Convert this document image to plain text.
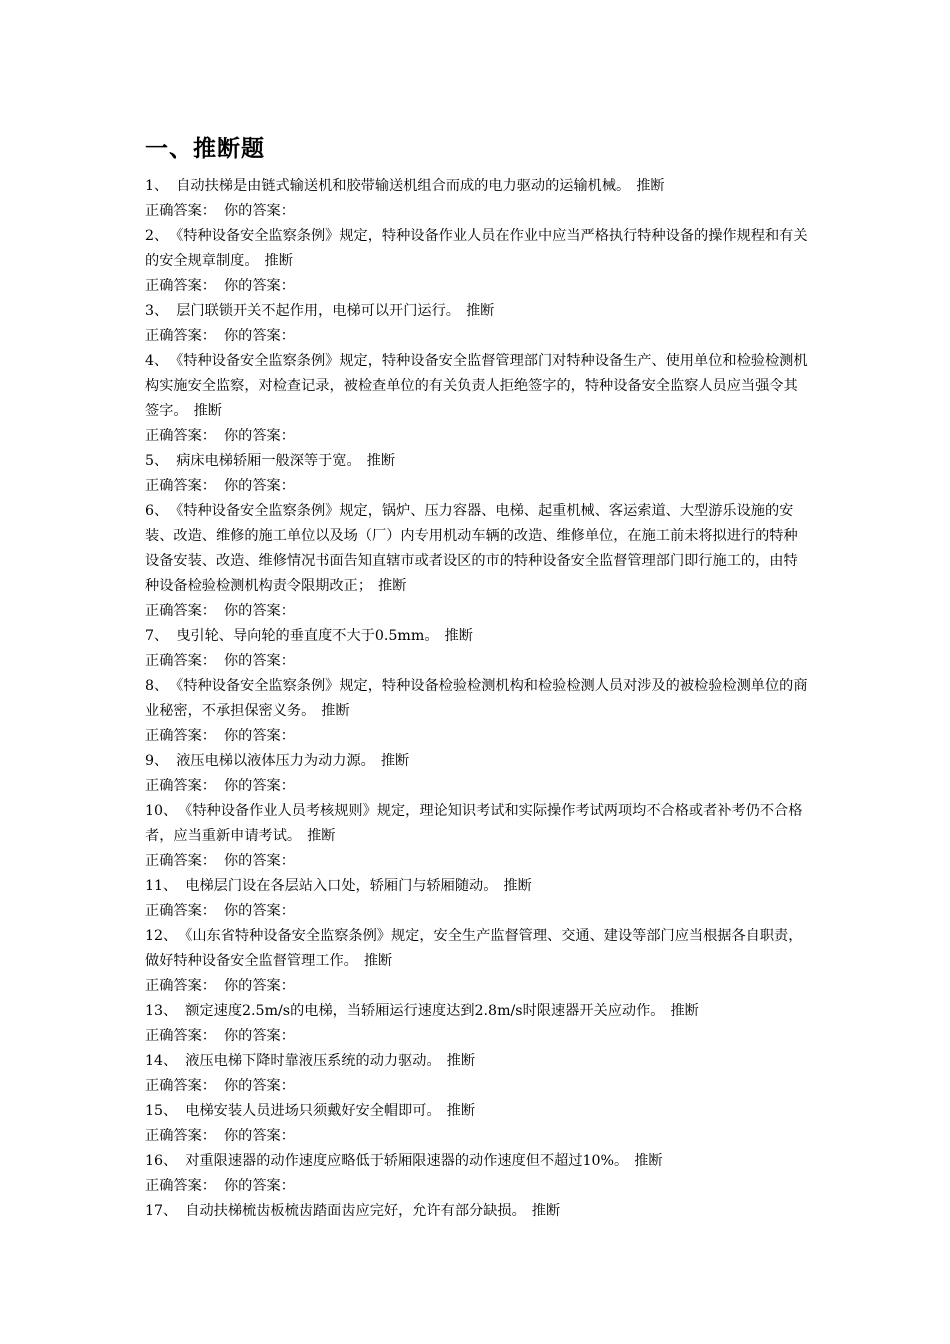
一、推断题

1、 自动扶梯是由链式输送机和胶带输送机组合而成的电力驱动的运输机械。 推断

正确答案： 你的答案：

2、 《特种设备安全监察条例》规定，特种设备作业人员在作业中应当严格执行特种设备的操作规程和有关的安全规章制度。 推断

正确答案： 你的答案：

3、 层门联锁开关不起作用，电梯可以开门运行。 推断

正确答案： 你的答案：

4、 《特种设备安全监察条例》规定，特种设备安全监督管理部门对特种设备生产、使用单位和检验检测机构实施安全监察，对检查记录，被检查单位的有关负责人拒绝签字的，特种设备安全监察人员应当强令其签字。 推断

正确答案： 你的答案：

5、 病床电梯轿厢一般深等于宽。 推断

正确答案： 你的答案：

6、 《特种设备安全监察条例》规定，锅炉、压力容器、电梯、起重机械、客运索道、大型游乐设施的安装、改造、维修的施工单位以及场（厂）内专用机动车辆的改造、维修单位，在施工前未将拟进行的特种设备安装、改造、维修情况书面告知直辖市或者设区的市的特种设备安全监督管理部门即行施工的，由特种设备检验检测机构责令限期改正； 推断

正确答案： 你的答案：

7、 曳引轮、导向轮的垂直度不大于0.5mm。 推断

正确答案： 你的答案：

8、 《特种设备安全监察条例》规定，特种设备检验检测机构和检验检测人员对涉及的被检验检测单位的商业秘密，不承担保密义务。 推断

正确答案： 你的答案：

9、 液压电梯以液体压力为动力源。 推断

正确答案： 你的答案：

10、 《特种设备作业人员考核规则》规定，理论知识考试和实际操作考试两项均不合格或者补考仍不合格者，应当重新申请考试。 推断

正确答案： 你的答案：

11、 电梯层门设在各层站入口处，轿厢门与轿厢随动。 推断

正确答案： 你的答案：

12、 《山东省特种设备安全监察条例》规定，安全生产监督管理、交通、建设等部门应当根据各自职责，做好特种设备安全监督管理工作。 推断

正确答案： 你的答案：

13、 额定速度2.5m/s的电梯，当轿厢运行速度达到2.8m/s时限速器开关应动作。 推断

正确答案： 你的答案：

14、 液压电梯下降时靠液压系统的动力驱动。 推断

正确答案： 你的答案：

15、 电梯安装人员进场只须戴好安全帽即可。 推断

正确答案： 你的答案：

16、 对重限速器的动作速度应略低于轿厢限速器的动作速度但不超过10%。 推断

正确答案： 你的答案：

17、 自动扶梯梳齿板梳齿踏面齿应完好，允许有部分缺损。 推断
